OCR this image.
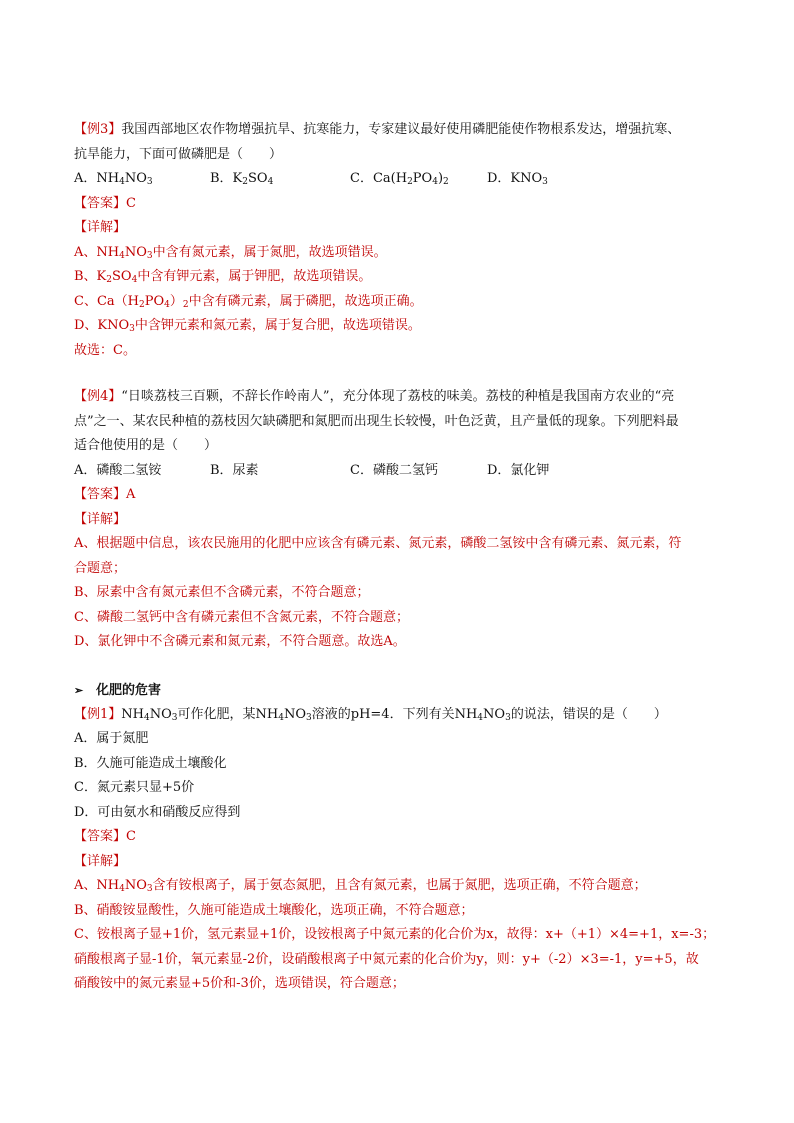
【例3】我国西部地区农作物增强抗旱、抗寒能力，专家建议最好使用磷肥能使作物根系发达，增强抗寒、
抗旱能力，下面可做磷肥是（　　）
A．$NH_4NO_3$	B．$K_2SO_4$	C．$Ca(H_2PO_4)_2$	D．$KNO_3$
【答案】C
【详解】
A、$NH_4NO_3$中含有氮元素，属于氮肥，故选项错误。
B、$K_2SO_4$中含有钾元素，属于钾肥，故选项错误。
C、$Ca(H_2PO_4)_2$中含有磷元素，属于磷肥，故选项正确。
D、$KNO_3$中含钾元素和氮元素，属于复合肥，故选项错误。
故选：C。
【例4】“日啖荔枝三百颗，不辞长作岭南人”，充分体现了荔枝的味美。荔枝的种植是我国南方农业的“亮
点”之一、某农民种植的荔枝因欠缺磷肥和氮肥而出现生长较慢，叶色泛黄，且产量低的现象。下列肥料最
适合他使用的是（　　）
A．磷酸二氢铵	B．尿素	C．磷酸二氢钙	D．氯化钾
【答案】A
【详解】
A、根据题中信息，该农民施用的化肥中应该含有磷元素、氮元素，磷酸二氢铵中含有磷元素、氮元素，符
合题意；
B、尿素中含有氮元素但不含磷元素，不符合题意；
C、磷酸二氢钙中含有磷元素但不含氮元素，不符合题意；
D、氯化钾中不含磷元素和氮元素，不符合题意。故选A。
➢ 化肥的危害
【例1】$NH_4NO_3$可作化肥，某$NH_4NO_3$溶液的pH=4．下列有关$NH_4NO_3$的说法，错误的是（　　）
A．属于氮肥
B．久施可能造成土壤酸化
C．氮元素只显+5价
D．可由氨水和硝酸反应得到
【答案】C
【详解】
A、$NH_4NO_3$含有铵根离子，属于氨态氮肥，且含有氮元素，也属于氮肥，选项正确，不符合题意；
B、硝酸铵显酸性，久施可能造成土壤酸化，选项正确，不符合题意；
C、铵根离子显+1价，氢元素显+1价，设铵根离子中氮元素的化合价为x，故得：x+（+1）×4=+1，x=-3；
硝酸根离子显-1价，氧元素显-2价，设硝酸根离子中氮元素的化合价为y，则：y+（-2）×3=-1，y=+5，故
硝酸铵中的氮元素显+5价和-3价，选项错误，符合题意；
